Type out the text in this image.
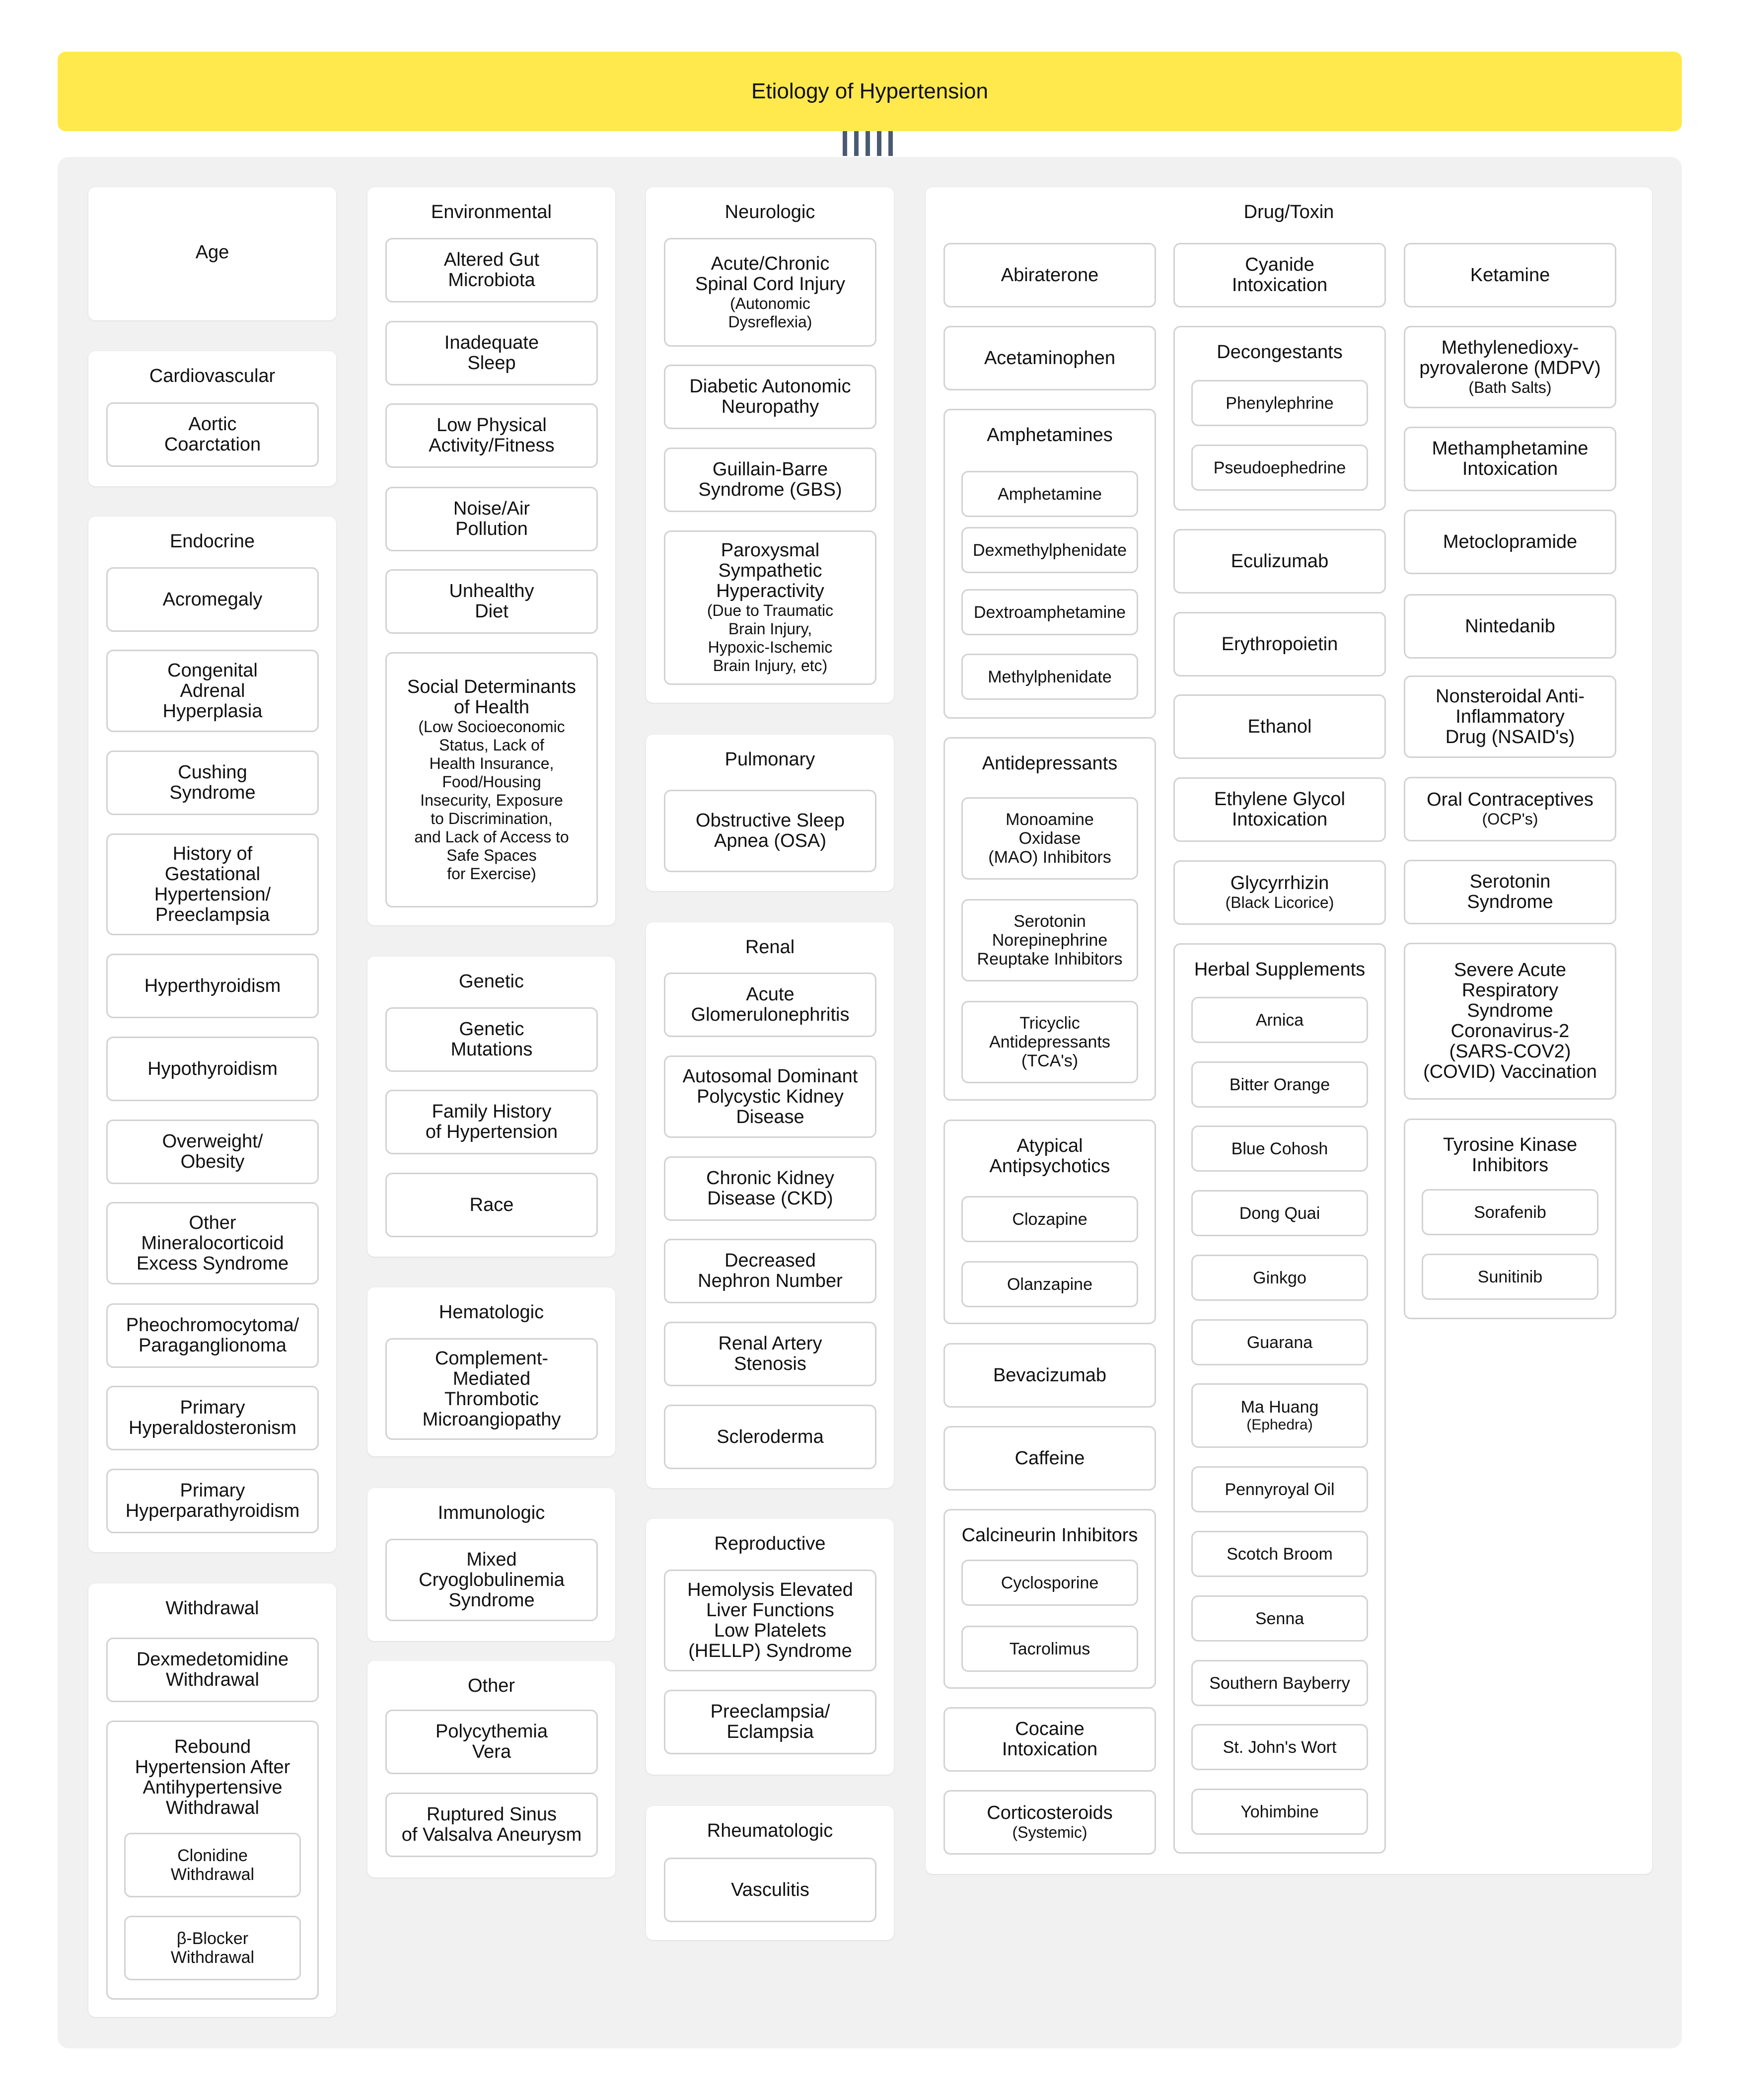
Etiology of Hypertension
Age
Cardiovascular
Aortic
Coarctation
Endocrine
Acromegaly
Congenital
Adrenal
Hyperplasia
Cushing
Syndrome
History of
Gestational
Hypertension/
Preeclampsia
Hyperthyroidism
Hypothyroidism
Overweight/
Obesity
Other
Mineralocorticoid
Excess Syndrome
Pheochromocytoma/
Paraganglionoma
Primary
Hyperaldosteronism
Primary
Hyperparathyroidism
Withdrawal
Dexmedetomidine
Withdrawal
Rebound
Hypertension After
Antihypertensive
Withdrawal
Clonidine
Withdrawal
β-Blocker
Withdrawal
Environmental
Altered Gut
Microbiota
Inadequate
Sleep
Low Physical
Activity/Fitness
Noise/Air
Pollution
Unhealthy
Diet
Social Determinants
of Health
(Low Socioeconomic
Status, Lack of
Health Insurance,
Food/Housing
Insecurity, Exposure
to Discrimination,
and Lack of Access to
Safe Spaces
for Exercise)
Genetic
Genetic
Mutations
Family History
of Hypertension
Race
Hematologic
Complement-
Mediated
Thrombotic
Microangiopathy
Immunologic
Mixed
Cryoglobulinemia
Syndrome
Other
Polycythemia
Vera
Ruptured Sinus
of Valsalva Aneurysm
Neurologic
Acute/Chronic
Spinal Cord Injury
(Autonomic
Dysreflexia)
Diabetic Autonomic
Neuropathy
Guillain-Barre
Syndrome (GBS)
Paroxysmal
Sympathetic
Hyperactivity
(Due to Traumatic
Brain Injury,
Hypoxic-Ischemic
Brain Injury, etc)
Pulmonary
Obstructive Sleep
Apnea (OSA)
Renal
Acute
Glomerulonephritis
Autosomal Dominant
Polycystic Kidney
Disease
Chronic Kidney
Disease (CKD)
Decreased
Nephron Number
Renal Artery
Stenosis
Scleroderma
Reproductive
Hemolysis Elevated
Liver Functions
Low Platelets
(HELLP) Syndrome
Preeclampsia/
Eclampsia
Rheumatologic
Vasculitis
Drug/Toxin
Abiraterone
Acetaminophen
Amphetamines
Amphetamine
Dexmethylphenidate
Dextroamphetamine
Methylphenidate
Antidepressants
Monoamine
Oxidase
(MAO) Inhibitors
Serotonin
Norepinephrine
Reuptake Inhibitors
Tricyclic
Antidepressants
(TCA's)
Atypical
Antipsychotics
Clozapine
Olanzapine
Bevacizumab
Caffeine
Calcineurin Inhibitors
Cyclosporine
Tacrolimus
Cocaine
Intoxication
Corticosteroids
(Systemic)
Cyanide
Intoxication
Decongestants
Phenylephrine
Pseudoephedrine
Eculizumab
Erythropoietin
Ethanol
Ethylene Glycol
Intoxication
Glycyrrhizin
(Black Licorice)
Herbal Supplements
Arnica
Bitter Orange
Blue Cohosh
Dong Quai
Ginkgo
Guarana
Ma Huang
(Ephedra)
Pennyroyal Oil
Scotch Broom
Senna
Southern Bayberry
St. John's Wort
Yohimbine
Ketamine
Methylenedioxy-
pyrovalerone (MDPV)
(Bath Salts)
Methamphetamine
Intoxication
Metoclopramide
Nintedanib
Nonsteroidal Anti-
Inflammatory
Drug (NSAID's)
Oral Contraceptives
(OCP's)
Serotonin
Syndrome
Severe Acute
Respiratory
Syndrome
Coronavirus-2
(SARS-COV2)
(COVID) Vaccination
Tyrosine Kinase
Inhibitors
Sorafenib
Sunitinib
